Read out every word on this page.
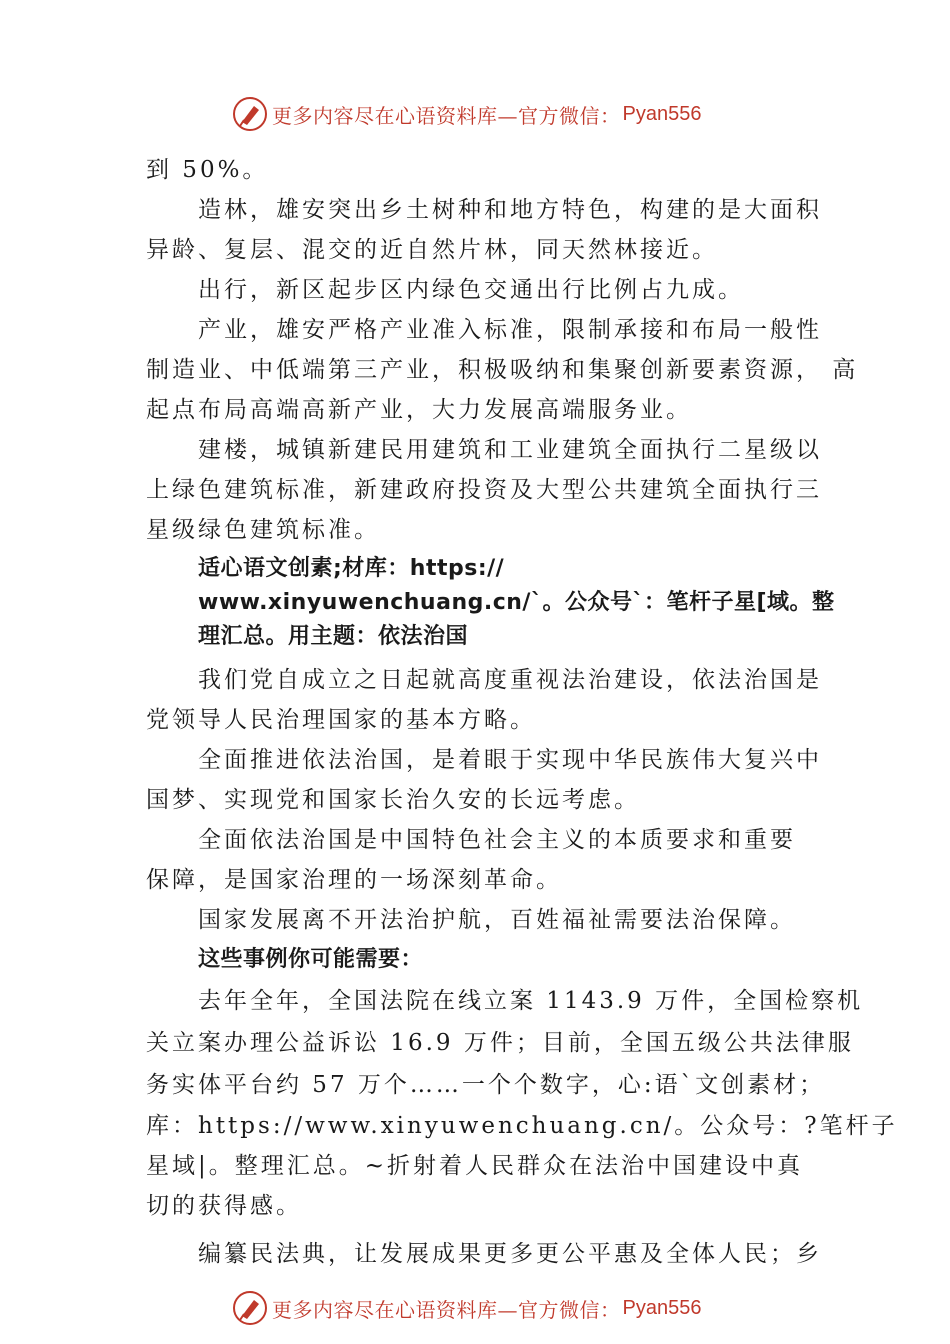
更多内容尽在心语资料库—官方微信： Pyan556
到 50%。
造林，雄安突出乡土树种和地方特色，构建的是大面积
异龄、复层、混交的近自然片林，同天然林接近。
出行，新区起步区内绿色交通出行比例占九成。
产业，雄安严格产业准入标准，限制承接和布局一般性
制造业、中低端第三产业，积极吸纳和集聚创新要素资源， 高
起点布局高端高新产业，大力发展高端服务业。
建楼，城镇新建民用建筑和工业建筑全面执行二星级以
上绿色建筑标准，新建政府投资及大型公共建筑全面执行三
星级绿色建筑标准。
适心语文创素;材库：https://
www.xinyuwenchuang.cn/`。公众号`：笔杆子星[域。整
理汇总。用主题：依法治国
我们党自成立之日起就高度重视法治建设，依法治国是
党领导人民治理国家的基本方略。
全面推进依法治国，是着眼于实现中华民族伟大复兴中
国梦、实现党和国家长治久安的长远考虑。
全面依法治国是中国特色社会主义的本质要求和重要
保障，是国家治理的一场深刻革命。
国家发展离不开法治护航，百姓福祉需要法治保障。
这些事例你可能需要：
去年全年，全国法院在线立案 1143.9 万件，全国检察机
关立案办理公益诉讼 16.9 万件；目前，全国五级公共法律服
务实体平台约 57 万个……一个个数字，心:语`文创素材；
库：https://www.xinyuwenchuang.cn/。公众号：?笔杆子
星域|。整理汇总。~折射着人民群众在法治中国建设中真
切的获得感。
编纂民法典，让发展成果更多更公平惠及全体人民；乡
更多内容尽在心语资料库—官方微信： Pyan556
